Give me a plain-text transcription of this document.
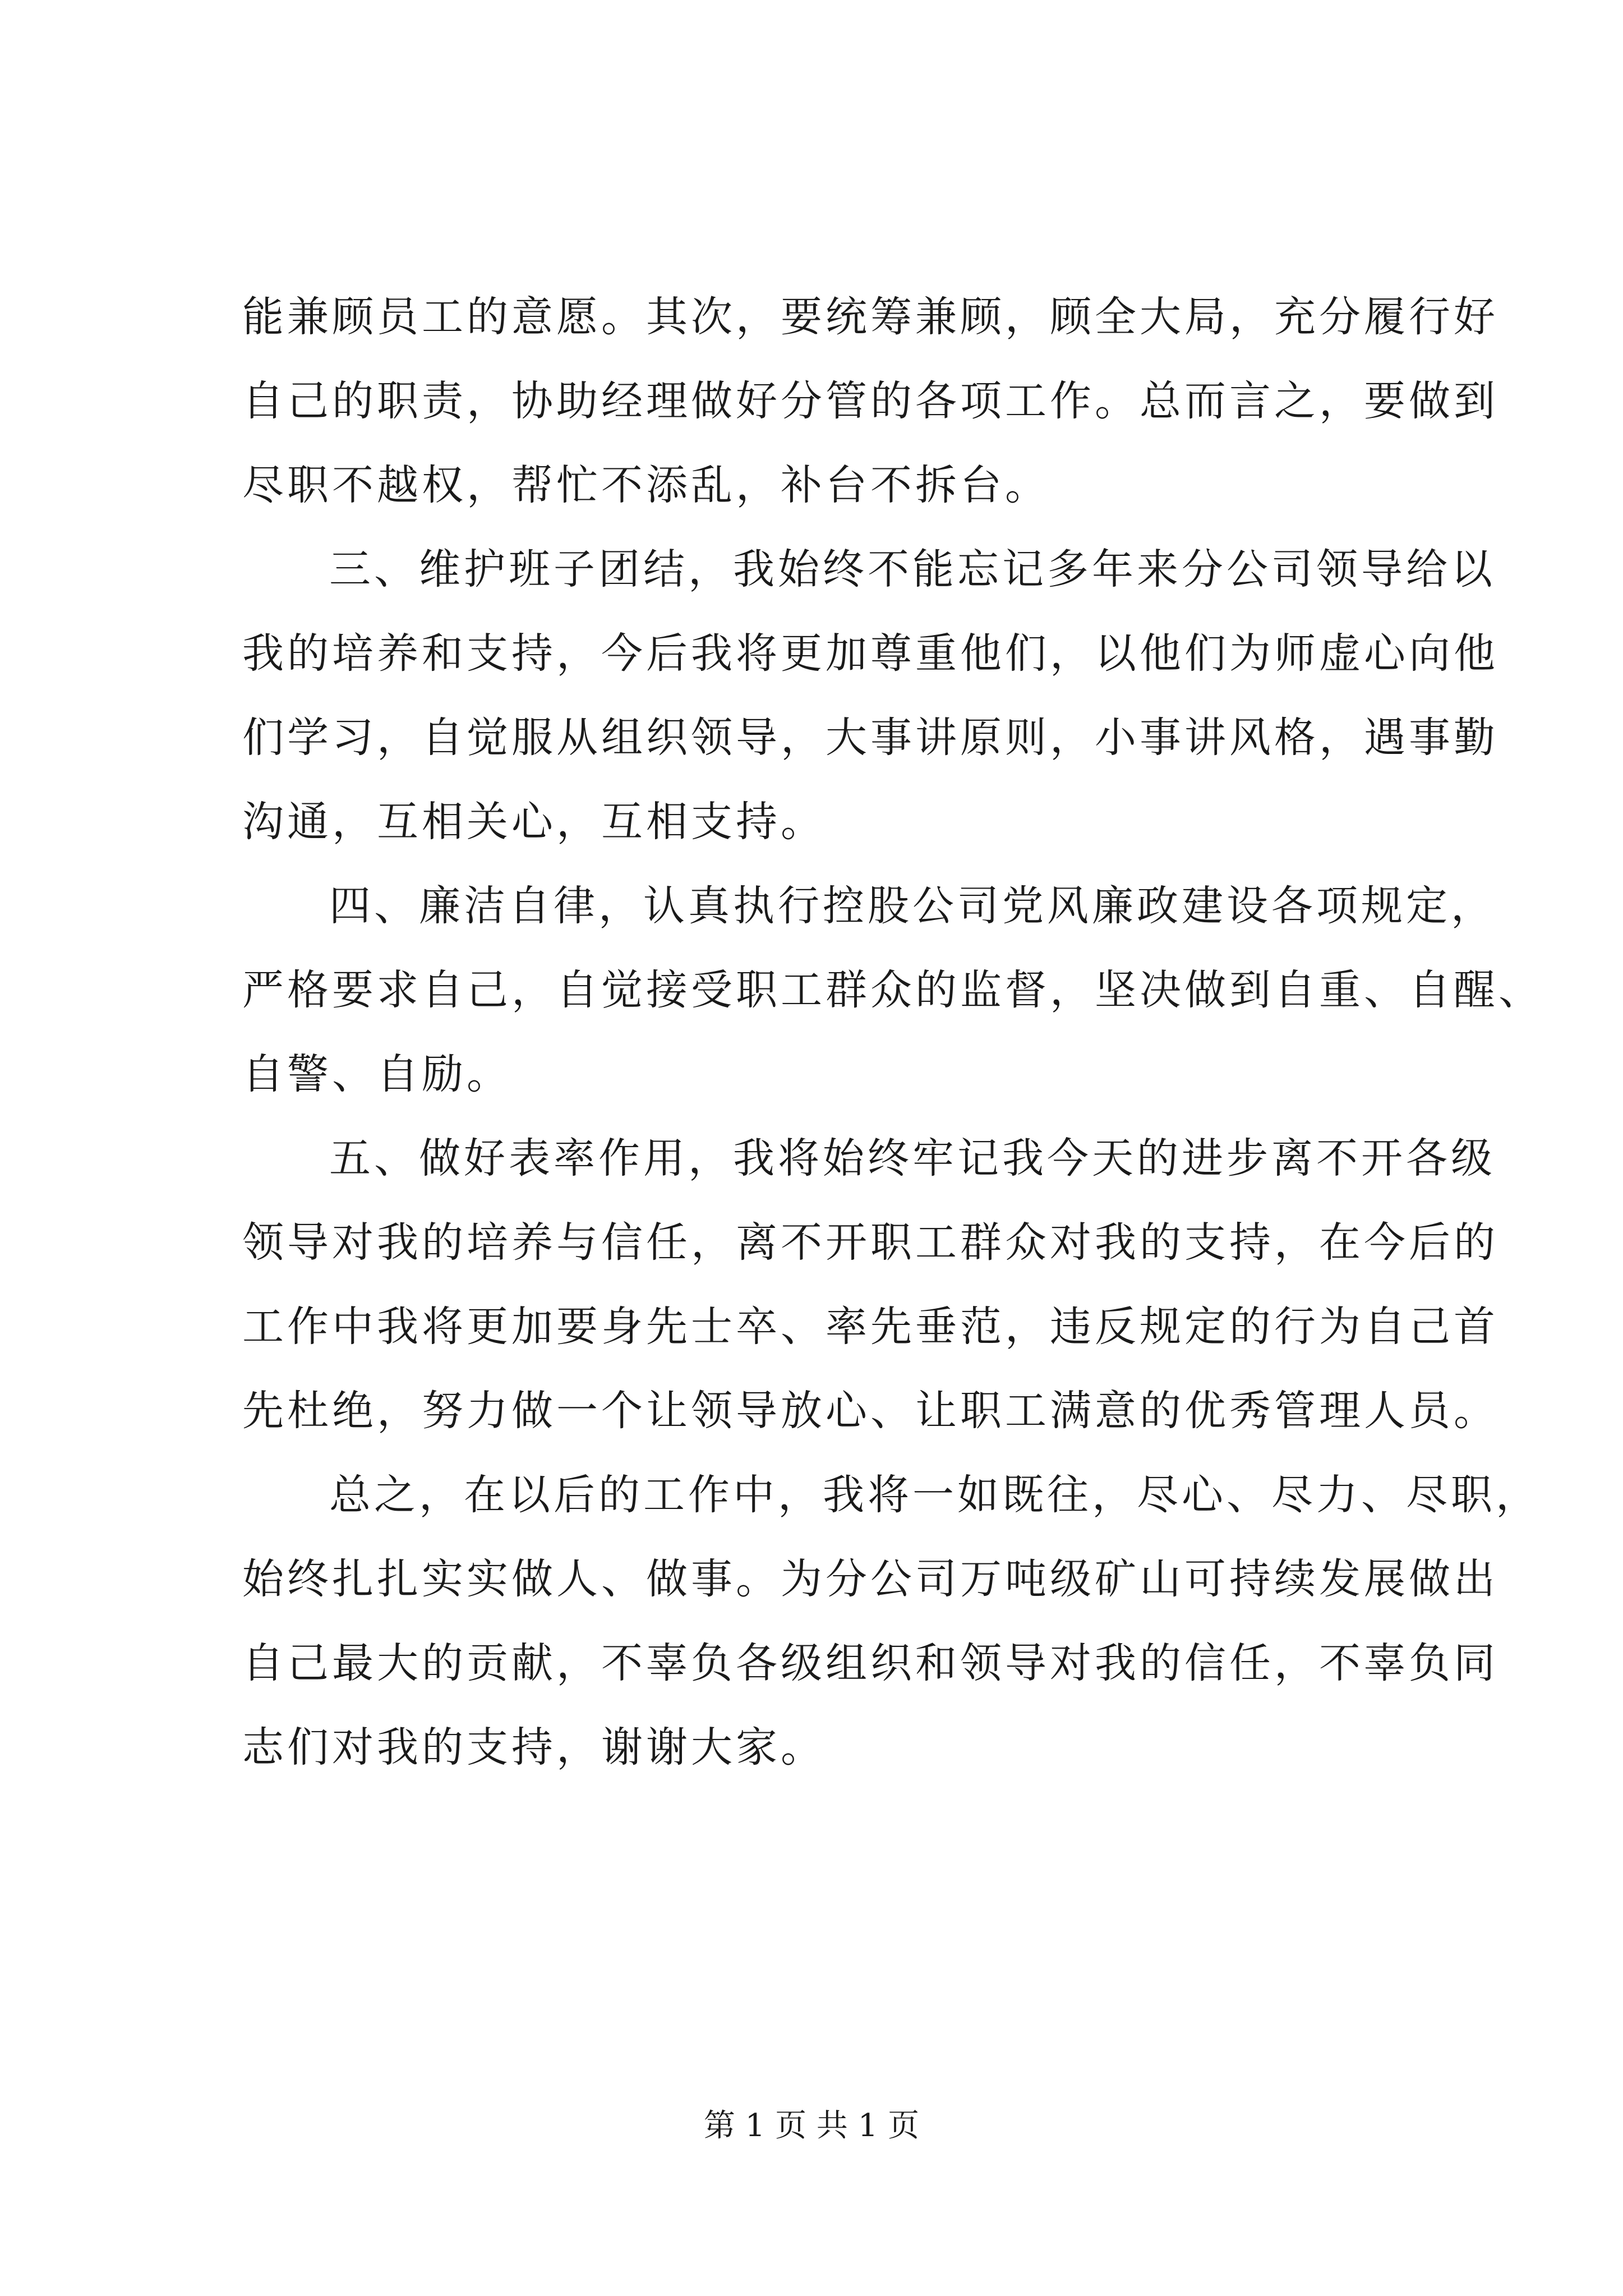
能兼顾员工的意愿。其次，要统筹兼顾，顾全大局，充分履行好
自己的职责，协助经理做好分管的各项工作。总而言之，要做到
尽职不越权，帮忙不添乱，补台不拆台。
三、维护班子团结，我始终不能忘记多年来分公司领导给以
我的培养和支持，今后我将更加尊重他们，以他们为师虚心向他
们学习，自觉服从组织领导，大事讲原则，小事讲风格，遇事勤
沟通，互相关心，互相支持。
四、廉洁自律，认真执行控股公司党风廉政建设各项规定，
严格要求自己，自觉接受职工群众的监督，坚决做到自重、自醒、
自警、自励。
五、做好表率作用，我将始终牢记我今天的进步离不开各级
领导对我的培养与信任，离不开职工群众对我的支持，在今后的
工作中我将更加要身先士卒、率先垂范，违反规定的行为自己首
先杜绝，努力做一个让领导放心、让职工满意的优秀管理人员。
总之，在以后的工作中，我将一如既往，尽心、尽力、尽职，
始终扎扎实实做人、做事。为分公司万吨级矿山可持续发展做出
自己最大的贡献，不辜负各级组织和领导对我的信任，不辜负同
志们对我的支持，谢谢大家。
第 1 页 共 1 页
